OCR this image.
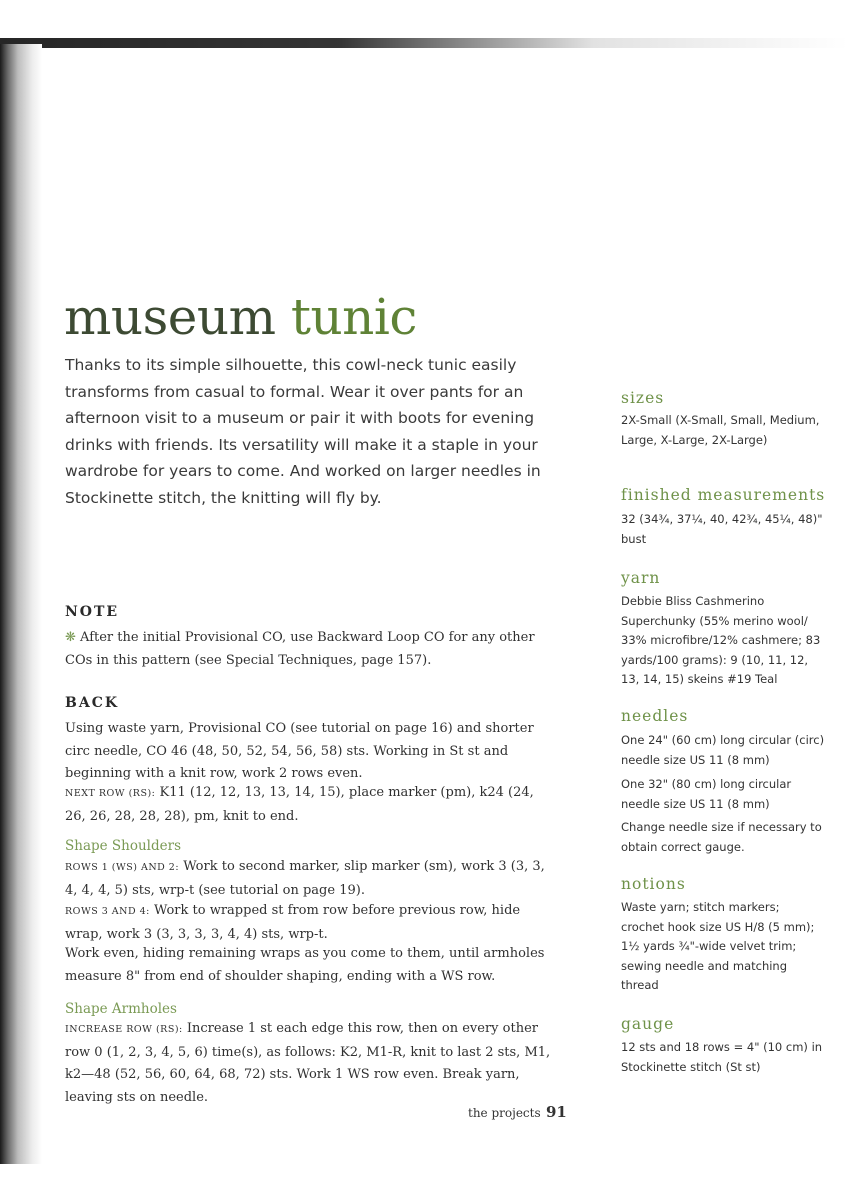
museum tunic

Thanks to its simple silhouette, this cowl-neck tunic easily transforms from casual to formal. Wear it over pants for an afternoon visit to a museum or pair it with boots for evening drinks with friends. Its versatility will make it a staple in your wardrobe for years to come. And worked on larger needles in Stockinette stitch, the knitting will fly by.

NOTE

❋ After the initial Provisional CO, use Backward Loop CO for any other COs in this pattern (see Special Techniques, page 157).

BACK

Using waste yarn, Provisional CO (see tutorial on page 16) and shorter circ needle, CO 46 (48, 50, 52, 54, 56, 58) sts. Working in St st and beginning with a knit row, work 2 rows even.

NEXT ROW (RS): K11 (12, 12, 13, 13, 14, 15), place marker (pm), k24 (24, 26, 26, 28, 28, 28), pm, knit to end.

Shape Shoulders

ROWS 1 (WS) AND 2: Work to second marker, slip marker (sm), work 3 (3, 3, 4, 4, 4, 5) sts, wrp-t (see tutorial on page 19).

ROWS 3 AND 4: Work to wrapped st from row before previous row, hide wrap, work 3 (3, 3, 3, 3, 4, 4) sts, wrp-t.

Work even, hiding remaining wraps as you come to them, until armholes measure 8" from end of shoulder shaping, ending with a WS row.

Shape Armholes

INCREASE ROW (RS): Increase 1 st each edge this row, then on every other row 0 (1, 2, 3, 4, 5, 6) time(s), as follows: K2, M1-R, knit to last 2 sts, M1, k2—48 (52, 56, 60, 64, 68, 72) sts. Work 1 WS row even. Break yarn, leaving sts on needle.

sizes

2X-Small (X-Small, Small, Medium, Large, X-Large, 2X-Large)

finished measurements

32 (34¾, 37¼, 40, 42¾, 45¼, 48)" bust

yarn

Debbie Bliss Cashmerino Superchunky (55% merino wool/ 33% microfibre/12% cashmere; 83 yards/100 grams): 9 (10, 11, 12, 13, 14, 15) skeins #19 Teal

needles

One 24" (60 cm) long circular (circ) needle size US 11 (8 mm)

One 32" (80 cm) long circular needle size US 11 (8 mm)

Change needle size if necessary to obtain correct gauge.

notions

Waste yarn; stitch markers; crochet hook size US H/8 (5 mm); 1½ yards ¾"-wide velvet trim; sewing needle and matching thread

gauge

12 sts and 18 rows = 4" (10 cm) in Stockinette stitch (St st)

the projects 91
